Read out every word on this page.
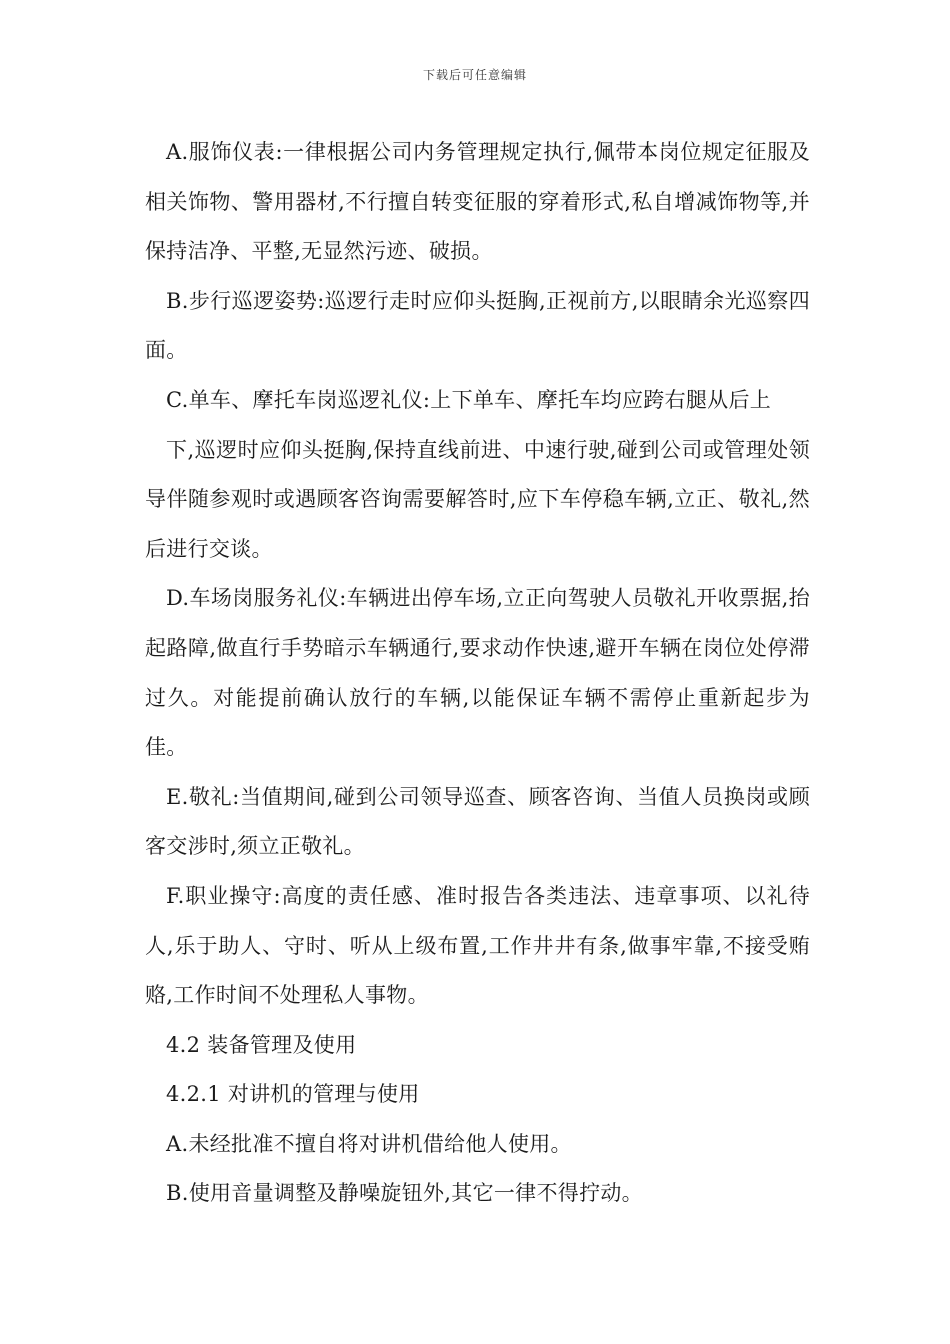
下载后可任意编辑

A.服饰仪表:一律根据公司内务管理规定执行,佩带本岗位规定征服及相关饰物、警用器材,不行擅自转变征服的穿着形式,私自增减饰物等,并保持洁净、平整,无显然污迹、破损。

B.步行巡逻姿势:巡逻行走时应仰头挺胸,正视前方,以眼睛余光巡察四面。

C.单车、摩托车岗巡逻礼仪:上下单车、摩托车均应跨右腿从后上

下,巡逻时应仰头挺胸,保持直线前进、中速行驶,碰到公司或管理处领导伴随参观时或遇顾客咨询需要解答时,应下车停稳车辆,立正、敬礼,然后进行交谈。

D.车场岗服务礼仪:车辆进出停车场,立正向驾驶人员敬礼开收票据,抬起路障,做直行手势暗示车辆通行,要求动作快速,避开车辆在岗位处停滞过久。对能提前确认放行的车辆,以能保证车辆不需停止重新起步为佳。

E.敬礼:当值期间,碰到公司领导巡查、顾客咨询、当值人员换岗或顾客交涉时,须立正敬礼。

F.职业操守:高度的责任感、准时报告各类违法、违章事项、以礼待人,乐于助人、守时、听从上级布置,工作井井有条,做事牢靠,不接受贿赂,工作时间不处理私人事物。

4.2 装备管理及使用

4.2.1 对讲机的管理与使用

A.未经批准不擅自将对讲机借给他人使用。

B.使用音量调整及静噪旋钮外,其它一律不得拧动。
